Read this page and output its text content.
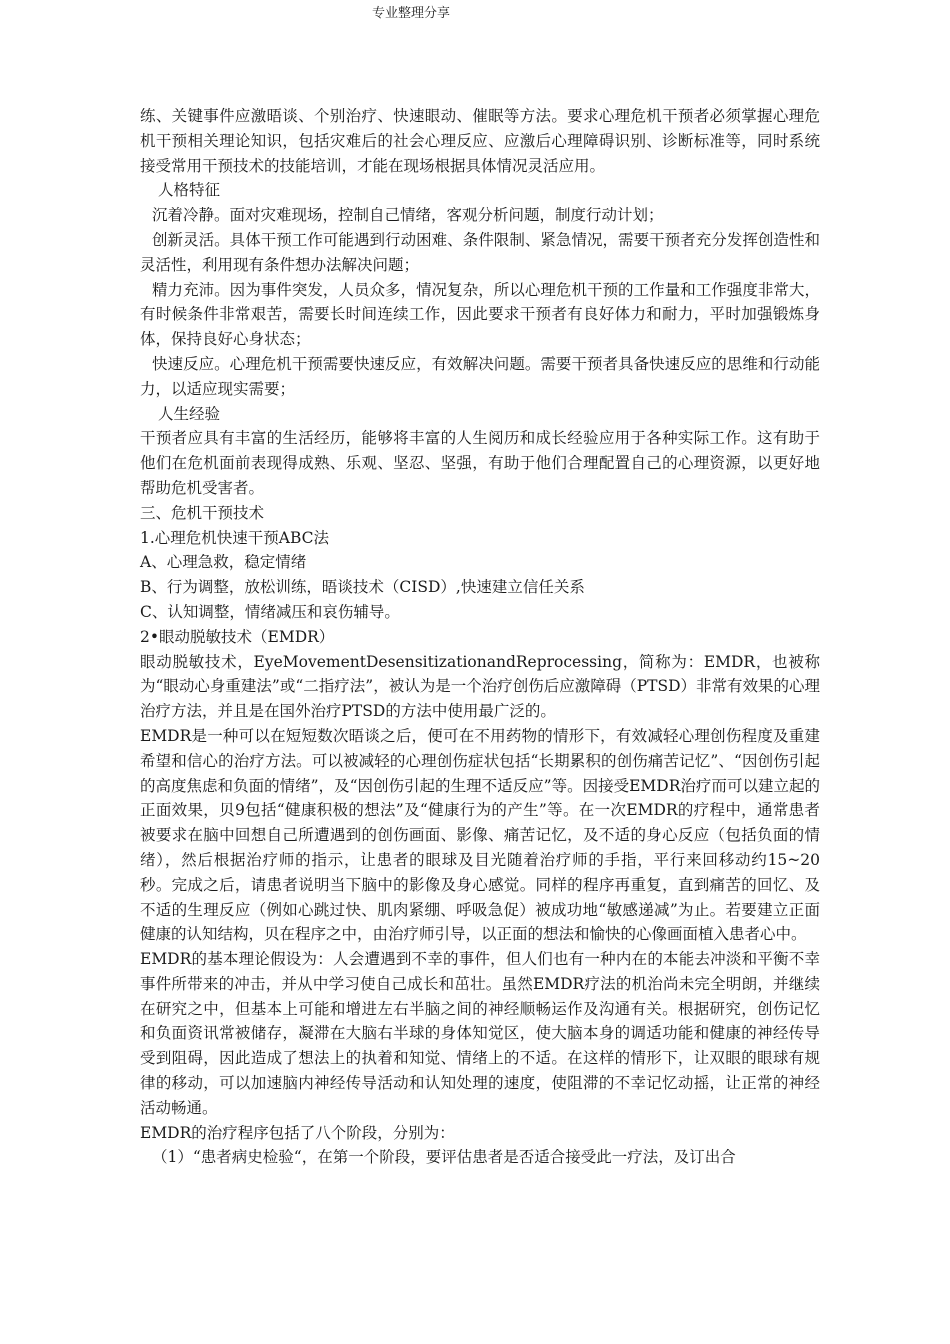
专业整理分享

练、关键事件应激晤谈、个别治疗、快速眼动、催眠等方法。要求心理危机干预者必须掌握心理危机干预相关理论知识，包括灾难后的社会心理反应、应激后心理障碍识别、诊断标准等，同时系统接受常用干预技术的技能培训，才能在现场根据具体情况灵活应用。

人格特征

沉着冷静。面对灾难现场，控制自己情绪，客观分析问题，制度行动计划；

创新灵活。具体干预工作可能遇到行动困难、条件限制、紧急情况，需要干预者充分发挥创造性和灵活性，利用现有条件想办法解决问题；

精力充沛。因为事件突发，人员众多，情况复杂，所以心理危机干预的工作量和工作强度非常大，有时候条件非常艰苦，需要长时间连续工作，因此要求干预者有良好体力和耐力，平时加强锻炼身体，保持良好心身状态；

快速反应。心理危机干预需要快速反应，有效解决问题。需要干预者具备快速反应的思维和行动能力，以适应现实需要；

人生经验

干预者应具有丰富的生活经历，能够将丰富的人生阅历和成长经验应用于各种实际工作。这有助于他们在危机面前表现得成熟、乐观、坚忍、坚强，有助于他们合理配置自己的心理资源，以更好地帮助危机受害者。

三、危机干预技术

1.心理危机快速干预ABC法

A、心理急救，稳定情绪

B、行为调整，放松训练，晤谈技术（CISD）,快速建立信任关系

C、认知调整，情绪减压和哀伤辅导。

2•眼动脱敏技术（EMDR）

眼动脱敏技术，EyeMovementDesensitizationandReprocessing，简称为：EMDR，也被称为“眼动心身重建法”或“二指疗法”，被认为是一个治疗创伤后应激障碍（PTSD）非常有效果的心理治疗方法，并且是在国外治疗PTSD的方法中使用最广泛的。

EMDR是一种可以在短短数次晤谈之后，便可在不用药物的情形下，有效减轻心理创伤程度及重建希望和信心的治疗方法。可以被减轻的心理创伤症状包括“长期累积的创伤痛苦记忆”、“因创伤引起的高度焦虑和负面的情绪”，及“因创伤引起的生理不适反应”等。因接受EMDR治疗而可以建立起的正面效果，贝9包括“健康积极的想法”及“健康行为的产生”等。在一次EMDR的疗程中，通常患者被要求在脑中回想自己所遭遇到的创伤画面、影像、痛苦记忆，及不适的身心反应（包括负面的情绪），然后根据治疗师的指示，让患者的眼球及目光随着治疗师的手指，平行来回移动约15~20秒。完成之后，请患者说明当下脑中的影像及身心感觉。同样的程序再重复，直到痛苦的回忆、及不适的生理反应（例如心跳过快、肌肉紧绷、呼吸急促）被成功地“敏感递减”为止。若要建立正面健康的认知结构，贝在程序之中，由治疗师引导，以正面的想法和愉快的心像画面植入患者心中。

EMDR的基本理论假设为：人会遭遇到不幸的事件，但人们也有一种内在的本能去冲淡和平衡不幸事件所带来的冲击，并从中学习使自己成长和茁壮。虽然EMDR疗法的机治尚未完全明朗，并继续在研究之中，但基本上可能和增进左右半脑之间的神经顺畅运作及沟通有关。根据研究，创伤记忆和负面资讯常被储存，凝滞在大脑右半球的身体知觉区，使大脑本身的调适功能和健康的神经传导受到阻碍，因此造成了想法上的执着和知觉、情绪上的不适。在这样的情形下，让双眼的眼球有规律的移动，可以加速脑内神经传导活动和认知处理的速度，使阻滞的不幸记忆动摇，让正常的神经活动畅通。

EMDR的治疗程序包括了八个阶段，分别为：

（1）“患者病史检验“，在第一个阶段，要评估患者是否适合接受此一疗法，及订出合
